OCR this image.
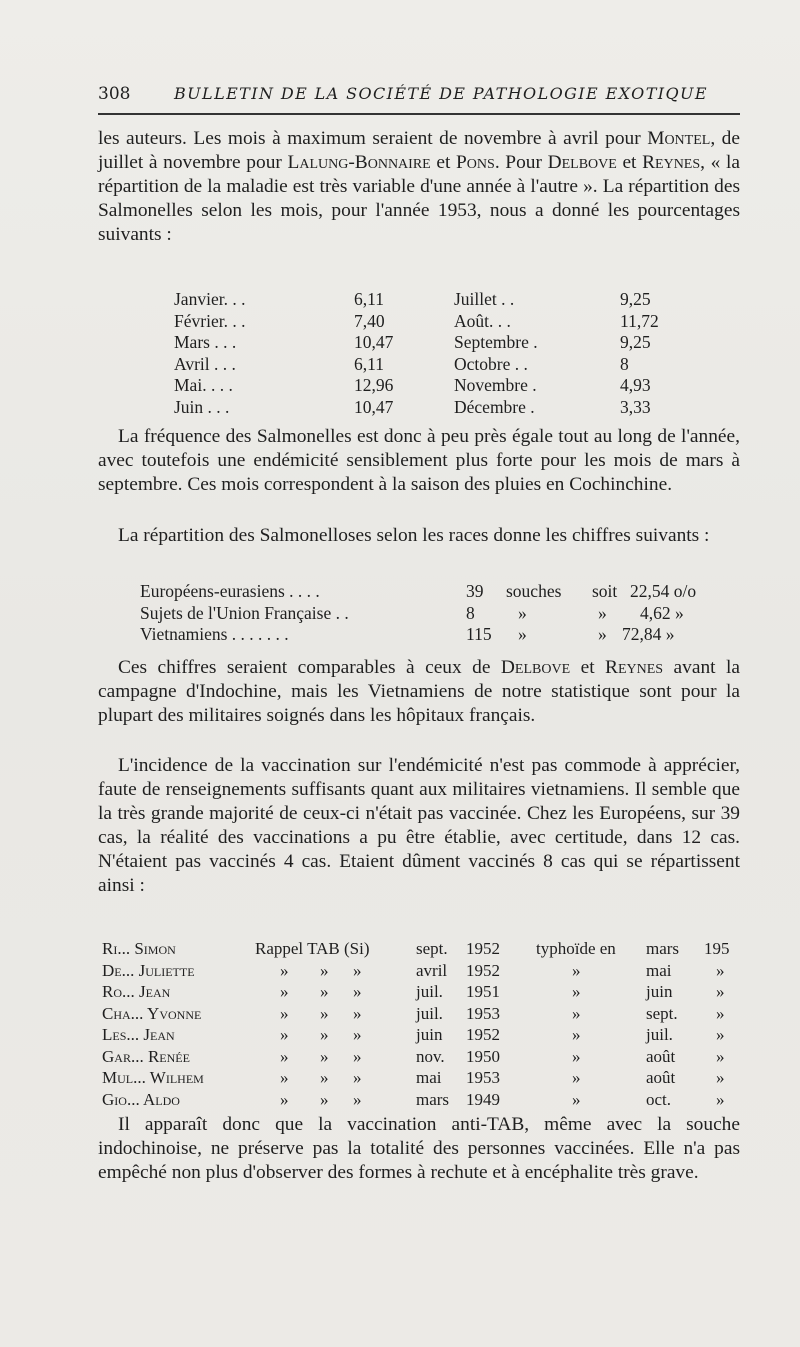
308	BULLETIN DE LA SOCIÉTÉ DE PATHOLOGIE EXOTIQUE

les auteurs. Les mois à maximum seraient de novembre à avril pour Montel, de juillet à novembre pour Lalung-Bonnaire et Pons. Pour Delbove et Reynes, « la répartition de la maladie est très variable d'une année à l'autre ». La répartition des Salmonelles selon les mois, pour l'année 1953, nous a donné les pourcentages suivants :

Janvier. . .	6,11	Juillet . .	9,25
Février. . .	7,40	Août. . .	11,72
Mars . . .	10,47	Septembre .	9,25
Avril . . .	6,11	Octobre . .	8
Mai. . . .	12,96	Novembre .	4,93
Juin . . .	10,47	Décembre .	3,33

La fréquence des Salmonelles est donc à peu près égale tout au long de l'année, avec toutefois une endémicité sensiblement plus forte pour les mois de mars à septembre. Ces mois correspondent à la saison des pluies en Cochinchine.

La répartition des Salmonelloses selon les races donne les chiffres suivants :

Européens-eurasiens . . . .	39 souches soit 22,54 o/o
Sujets de l'Union Française . .	8 »	» 4,62 »
Vietnamiens . . . . . . .	115 »	» 72,84 »

Ces chiffres seraient comparables à ceux de Delbove et Reynes avant la campagne d'Indochine, mais les Vietnamiens de notre statistique sont pour la plupart des militaires soignés dans les hôpitaux français.

L'incidence de la vaccination sur l'endémicité n'est pas commode à apprécier, faute de renseignements suffisants quant aux militaires vietnamiens. Il semble que la très grande majorité de ceux-ci n'était pas vaccinée. Chez les Européens, sur 39 cas, la réalité des vaccinations a pu être établie, avec certitude, dans 12 cas. N'étaient pas vaccinés 4 cas. Etaient dûment vaccinés 8 cas qui se répartissent ainsi :

Ri... Simon	Rappel TAB (Si)	sept. 1952 typhoïde en mars 195
De... Juliette	» » »	avril 1952	»	mai	»
Ro... Jean	» » »	juil. 1951	»	juin	»
Cha... Yvonne	» » »	juil. 1953	»	sept. »
Les... Jean	» » »	juin 1952	»	juil.	»
Gar... Renée	» » »	nov. 1950	»	août »
Mul... Wilhem	» » »	mai 1953	»	août »
Gio... Aldo	» » »	mars 1949	»	oct.	»

Il apparaît donc que la vaccination anti-TAB, même avec la souche indochinoise, ne préserve pas la totalité des personnes vaccinées. Elle n'a pas empêché non plus d'observer des formes à rechute et à encéphalite très grave.
